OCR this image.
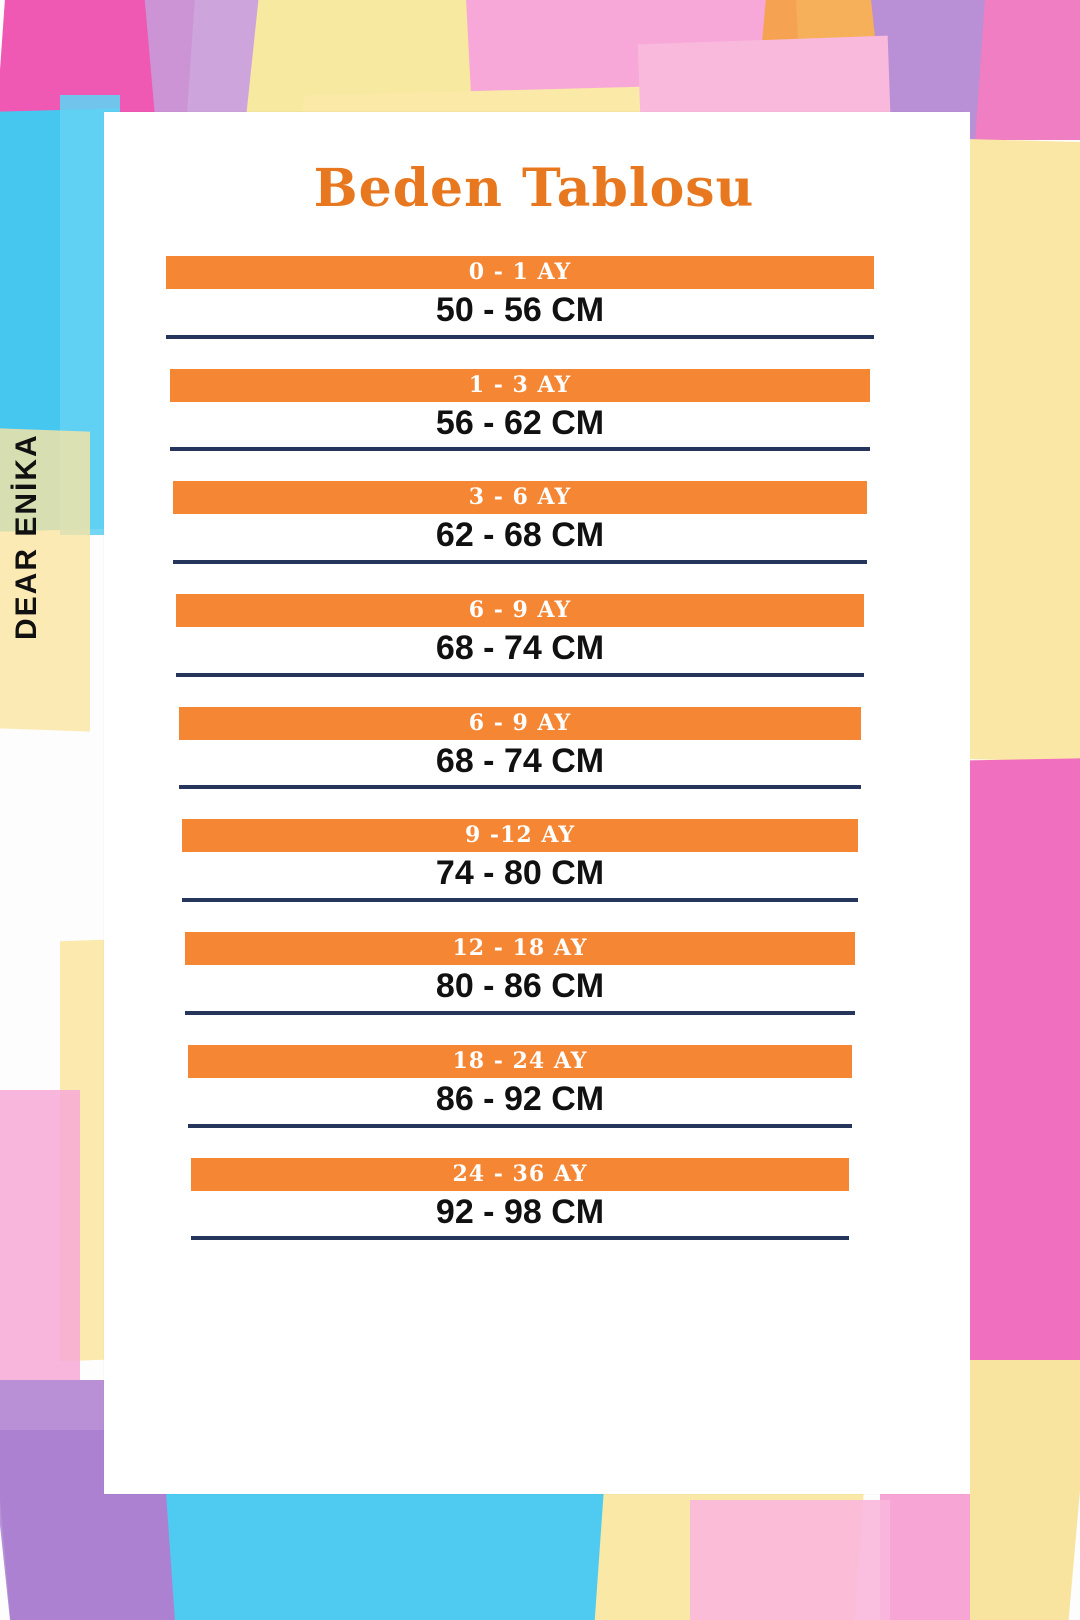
DEAR ENİKA
Beden Tablosu
0 - 1 AY
50 - 56 CM
1 - 3 AY
56 - 62 CM
3 - 6 AY
62 - 68 CM
6 - 9 AY
68 - 74 CM
6 - 9 AY
68 - 74 CM
9 -12 AY
74 - 80 CM
12 - 18 AY
80 - 86 CM
18 - 24 AY
86 - 92 CM
24 - 36 AY
92 - 98 CM
